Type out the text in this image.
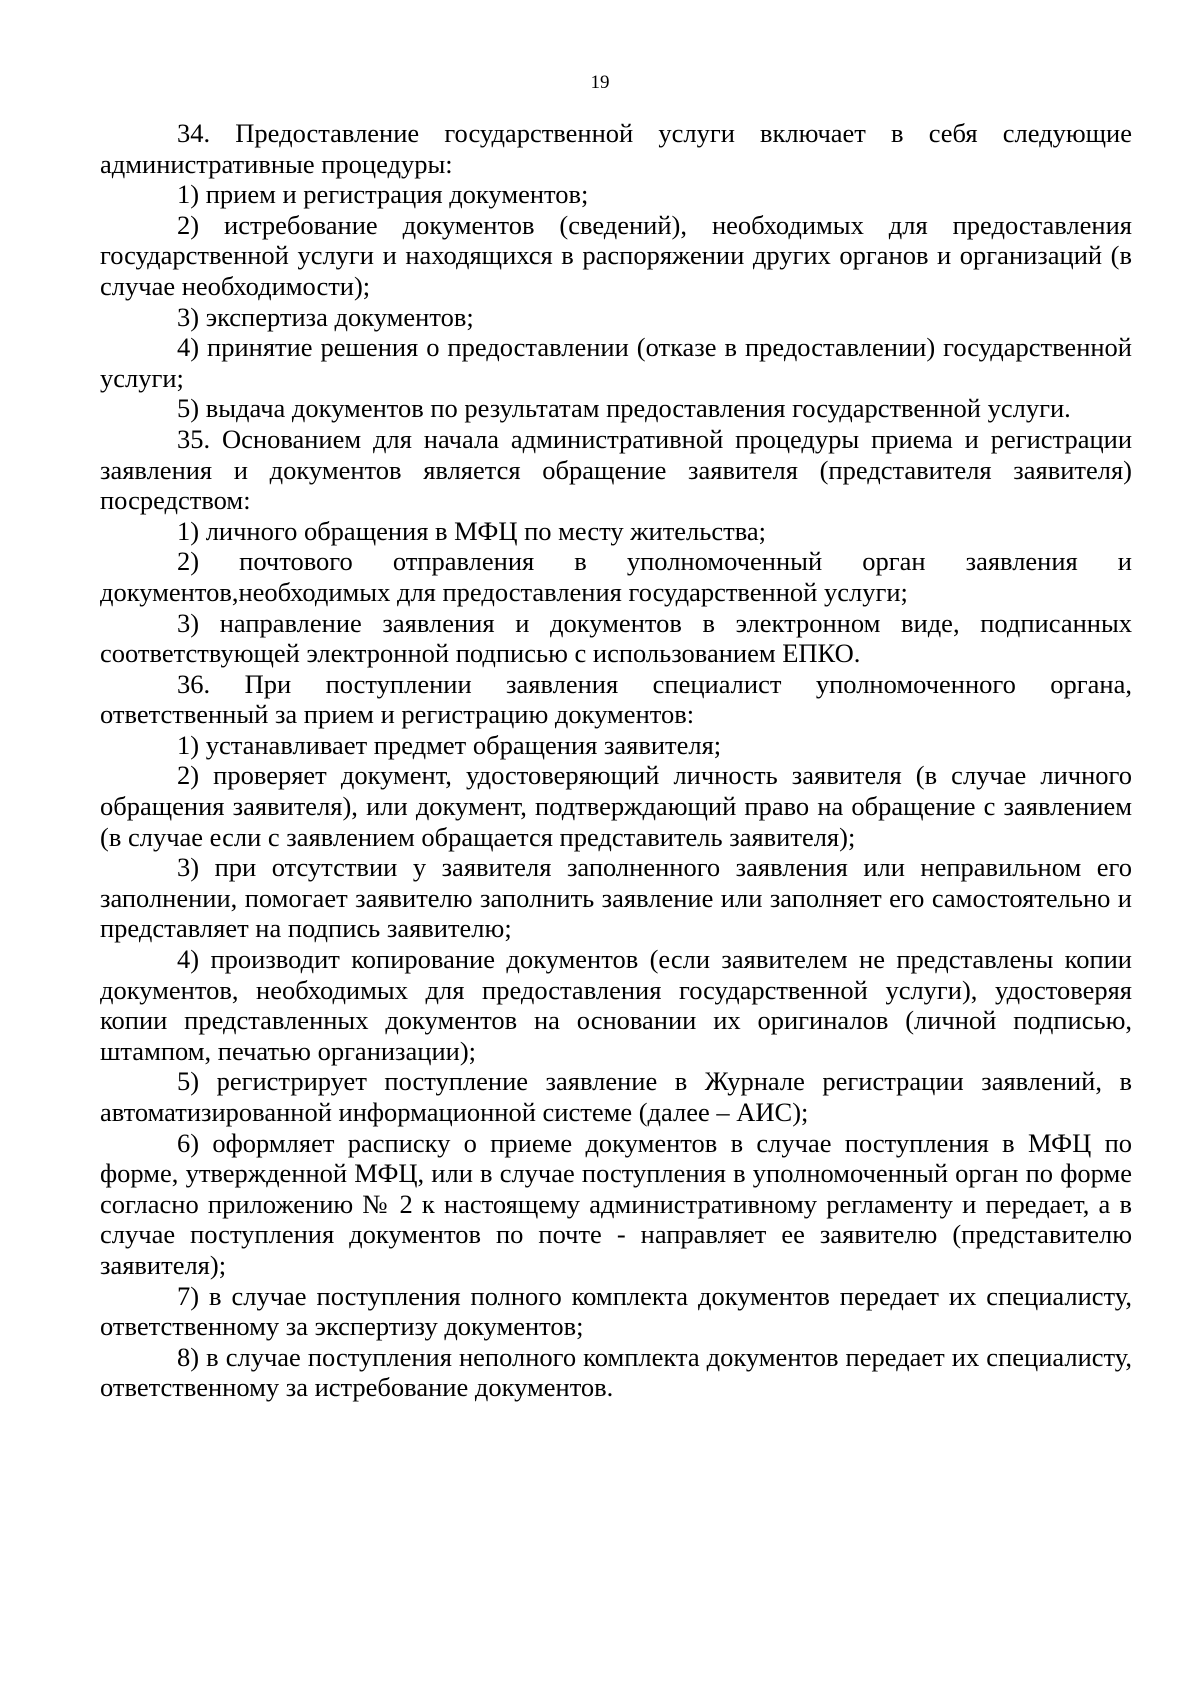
19

34. Предоставление государственной услуги включает в себя следующие административные процедуры:

1) прием и регистрация документов;

2) истребование документов (сведений), необходимых для предоставления государственной услуги и находящихся в распоряжении других органов и организаций (в случае необходимости);

3) экспертиза документов;

4) принятие решения о предоставлении (отказе в предоставлении) государственной услуги;

5) выдача документов по результатам предоставления государственной услуги.

35. Основанием для начала административной процедуры приема и регистрации заявления и документов является обращение заявителя (представителя заявителя) посредством:

1) личного обращения в МФЦ по месту жительства;

2) почтового отправления в уполномоченный орган заявления и документов,необходимых для предоставления государственной услуги;

3) направление заявления и документов в электронном виде, подписанных соответствующей электронной подписью с использованием ЕПКО.

36. При поступлении заявления специалист уполномоченного органа, ответственный за прием и регистрацию документов:

1) устанавливает предмет обращения заявителя;

2) проверяет документ, удостоверяющий личность заявителя (в случае личного обращения заявителя), или документ, подтверждающий право на обращение с заявлением (в случае если с заявлением обращается представитель заявителя);

3) при отсутствии у заявителя заполненного заявления или неправильном его заполнении, помогает заявителю заполнить заявление или заполняет его самостоятельно и представляет на подпись заявителю;

4) производит копирование документов (если заявителем не представлены копии документов, необходимых для предоставления государственной услуги), удостоверяя копии представленных документов на основании их оригиналов (личной подписью, штампом, печатью организации);

5) регистрирует поступление заявление в Журнале регистрации заявлений, в автоматизированной информационной системе (далее – АИС);

6) оформляет расписку о приеме документов в случае поступления в МФЦ по форме, утвержденной МФЦ, или в случае поступления в уполномоченный орган по форме согласно приложению № 2 к настоящему административному регламенту и передает, а в случае поступления документов по почте - направляет ее заявителю (представителю заявителя);

7) в случае поступления полного комплекта документов передает их специалисту, ответственному за экспертизу документов;

8) в случае поступления неполного комплекта документов передает их специалисту, ответственному за истребование документов.
